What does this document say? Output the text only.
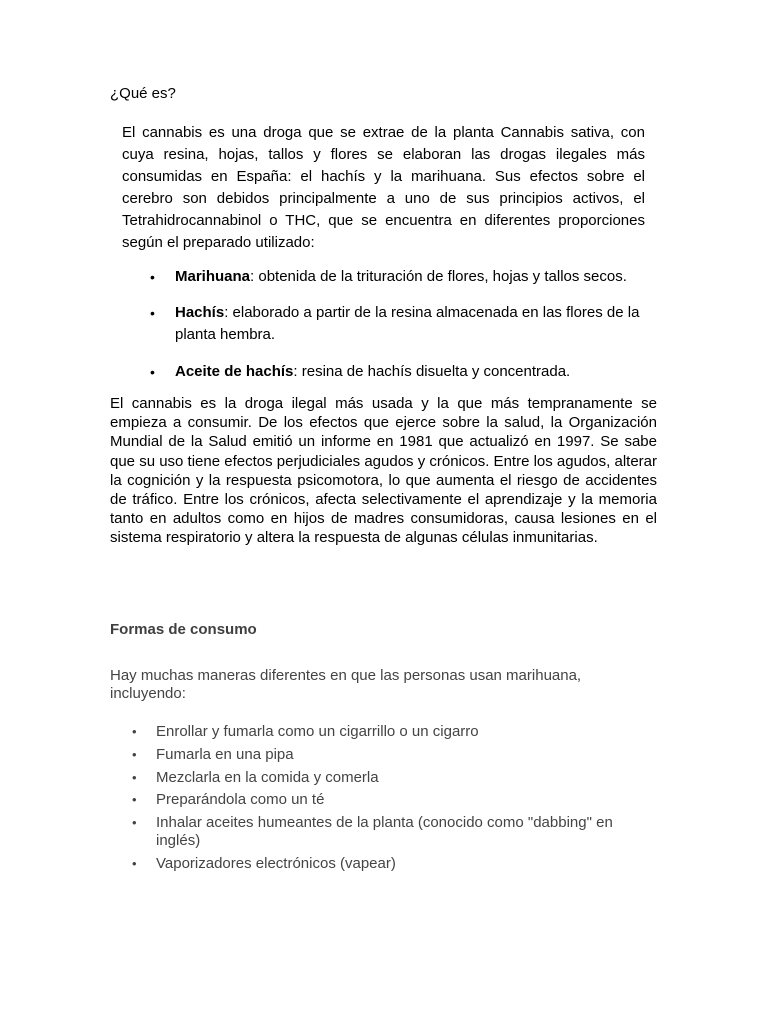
¿Qué es?

El cannabis es una droga que se extrae de la planta Cannabis sativa, con cuya resina, hojas, tallos y flores se elaboran las drogas ilegales más consumidas en España: el hachís y la marihuana. Sus efectos sobre el cerebro son debidos principalmente a uno de sus principios activos, el Tetrahidrocannabinol o THC, que se encuentra en diferentes proporciones según el preparado utilizado:

• Marihuana: obtenida de la trituración de flores, hojas y tallos secos.
• Hachís: elaborado a partir de la resina almacenada en las flores de la planta hembra.
• Aceite de hachís: resina de hachís disuelta y concentrada.

El cannabis es la droga ilegal más usada y la que más tempranamente se empieza a consumir. De los efectos que ejerce sobre la salud, la Organización Mundial de la Salud emitió un informe en 1981 que actualizó en 1997. Se sabe que su uso tiene efectos perjudiciales agudos y crónicos. Entre los agudos, alterar la cognición y la respuesta psicomotora, lo que aumenta el riesgo de accidentes de tráfico. Entre los crónicos, afecta selectivamente el aprendizaje y la memoria tanto en adultos como en hijos de madres consumidoras, causa lesiones en el sistema respiratorio y altera la respuesta de algunas células inmunitarias.

Formas de consumo

Hay muchas maneras diferentes en que las personas usan marihuana, incluyendo:

• Enrollar y fumarla como un cigarrillo o un cigarro
• Fumarla en una pipa
• Mezclarla en la comida y comerla
• Preparándola como un té
• Inhalar aceites humeantes de la planta (conocido como "dabbing" en inglés)
• Vaporizadores electrónicos (vapear)
